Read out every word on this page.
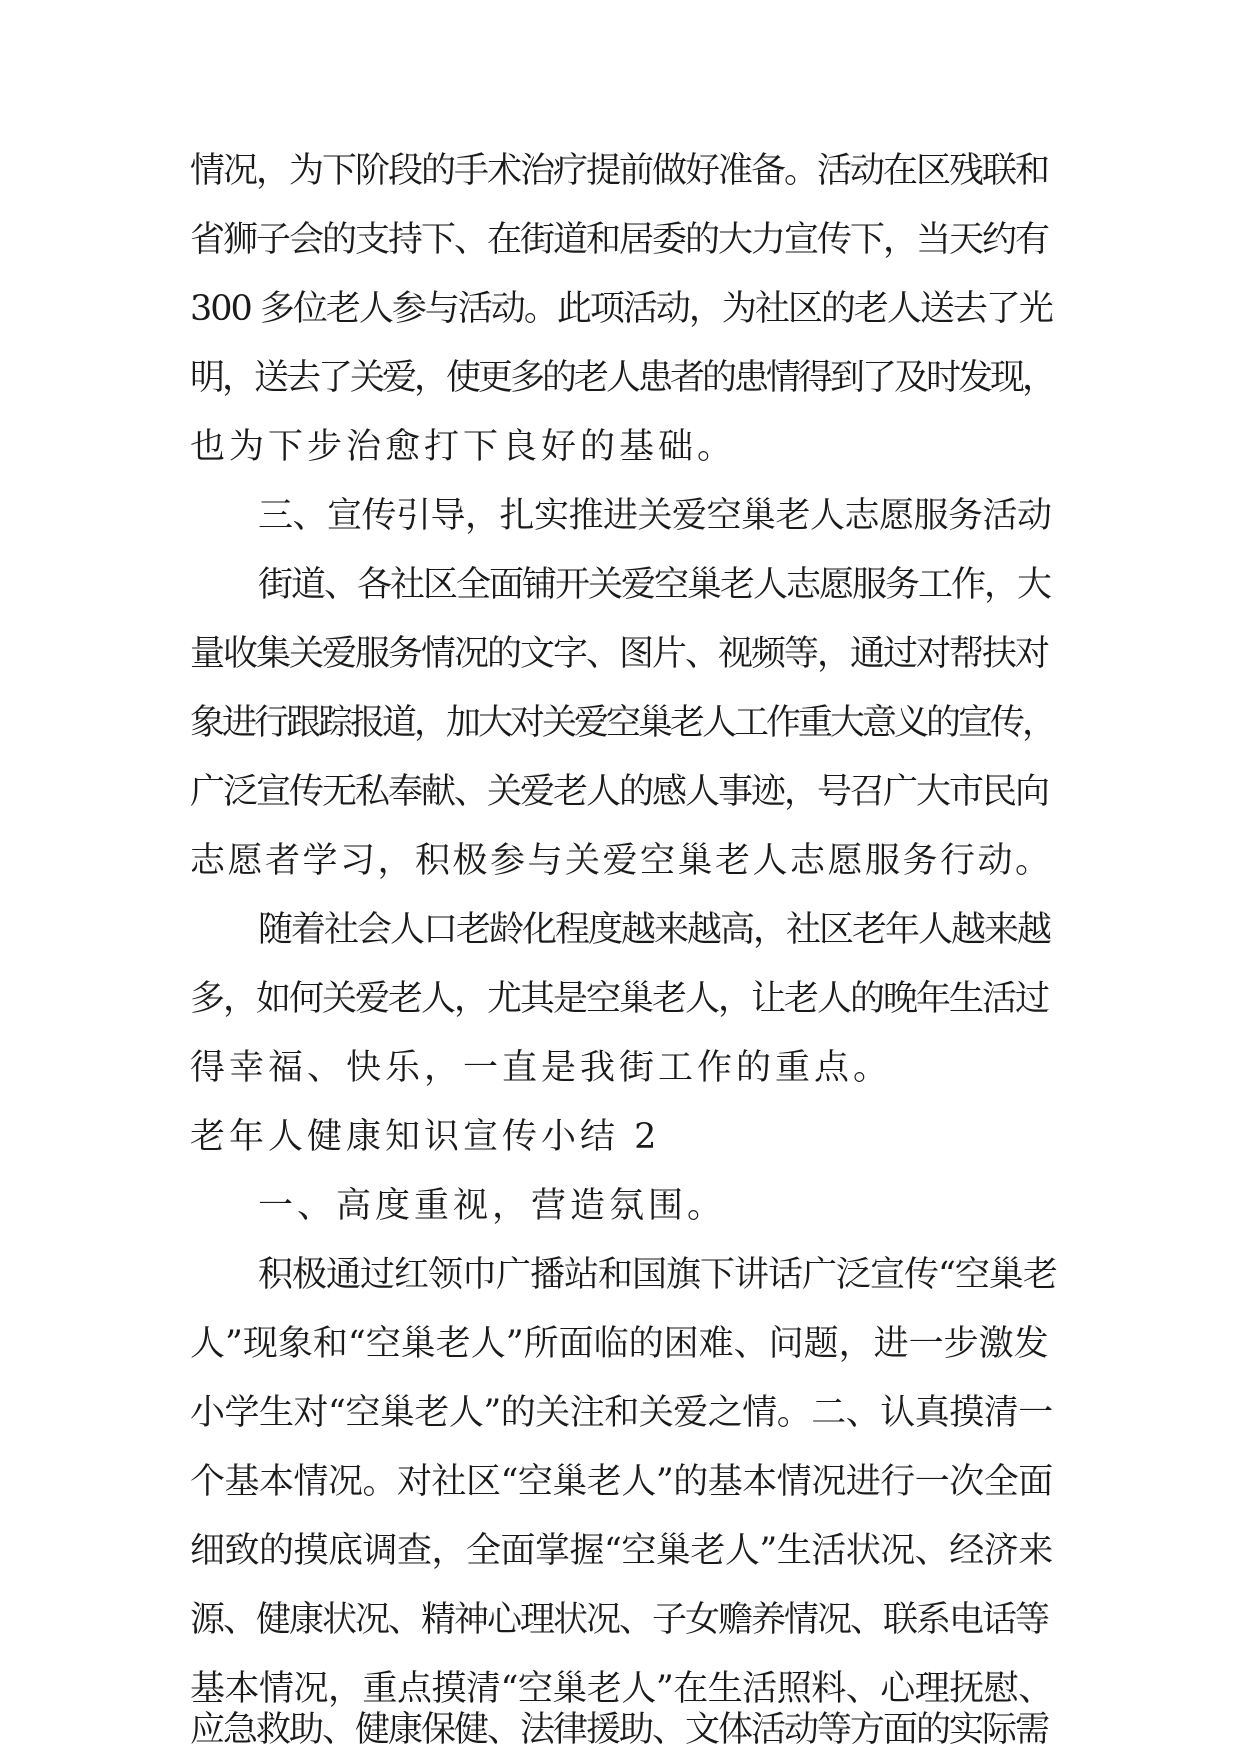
情况，为下阶段的手术治疗提前做好准备。活动在区残联和
省狮子会的支持下、在街道和居委的大力宣传下，当天约有
300 多位老人参与活动。此项活动，为社区的老人送去了光
明，送去了关爱，使更多的老人患者的患情得到了及时发现，
也为下步治愈打下良好的基础。
三、宣传引导，扎实推进关爱空巢老人志愿服务活动
街道、各社区全面铺开关爱空巢老人志愿服务工作，大
量收集关爱服务情况的文字、图片、视频等，通过对帮扶对
象进行跟踪报道，加大对关爱空巢老人工作重大意义的宣传，
广泛宣传无私奉献、关爱老人的感人事迹，号召广大市民向
志愿者学习，积极参与关爱空巢老人志愿服务行动。
随着社会人口老龄化程度越来越高，社区老年人越来越
多，如何关爱老人，尤其是空巢老人，让老人的晚年生活过
得幸福、快乐，一直是我街工作的重点。
老年人健康知识宣传小结 2
一、高度重视，营造氛围。
积极通过红领巾广播站和国旗下讲话广泛宣传“空巢老
人”现象和“空巢老人”所面临的困难、问题，进一步激发
小学生对“空巢老人”的关注和关爱之情。二、认真摸清一
个基本情况。对社区“空巢老人”的基本情况进行一次全面
细致的摸底调查，全面掌握“空巢老人”生活状况、经济来
源、健康状况、精神心理状况、子女赡养情况、联系电话等
基本情况，重点摸清“空巢老人”在生活照料、心理抚慰、
应急救助、健康保健、法律援助、文体活动等方面的实际需
